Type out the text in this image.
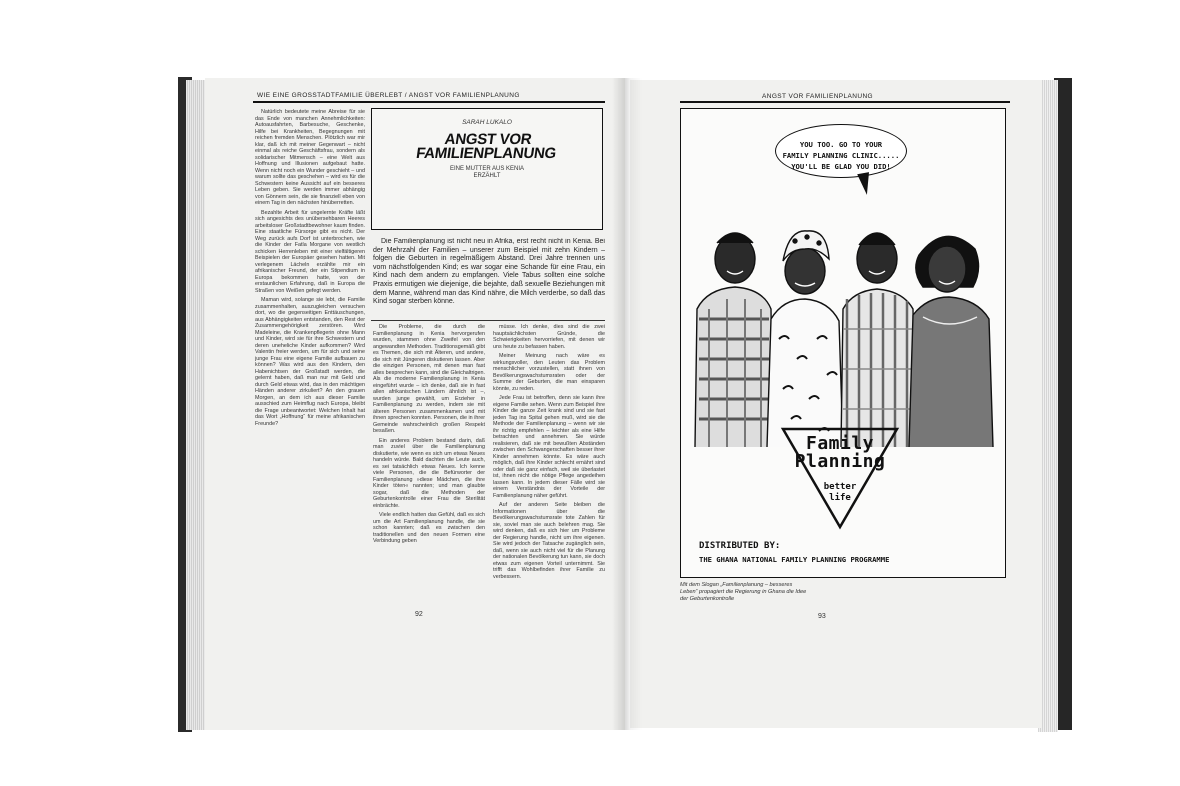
WIE EINE GROSSTADTFAMILIE ÜBERLEBT / ANGST VOR FAMILIENPLANUNG

Natürlich bedeutete meine Abreise für sie das Ende von manchen Annehmlichkeiten: Autoausfahrten, Barbesuche, Geschenke, Hilfe bei Krankheiten, Begegnungen mit reichen fremden Menschen. Plötzlich war mir klar, daß ich mit meiner Gegenwart – nicht einmal als reiche Geschäftsfrau, sondern als solidarischer Mitmensch – eine Welt aus Hoffnung und Illusionen aufgebaut hatte. Wenn nicht noch ein Wunder geschieht – und warum sollte das geschehen – wird es für die Schwestern keine Aussicht auf ein besseres Leben geben. Sie werden immer abhängig von Gönnern sein, die sie finanziell eben von einem Tag in den nächsten hinüberretten.

Bezahlte Arbeit für ungelernte Kräfte läßt sich angesichts des unübersehbaren Heeres arbeitsloser Großstadtbewohner kaum finden. Eine staatliche Fürsorge gibt es nicht. Der Weg zurück aufs Dorf ist unterbrochen, wie die Kinder der Fatla Morgane von westlich schicken Herrenleben mit einer vielfältigeren Beispielen der Europäer gesehen hatten. Mit verlegenem Lächeln erzählte mir ein afrikanischer Freund, der ein Stipendium in Europa bekommen hatte, von der erstaunlichen Erfahrung, daß in Europa die Straßen von Weißen gefegt werden.

Maman wird, solange sie lebt, die Familie zusammenhalten, auszugleichen versuchen dort, wo die gegenseitigen Enttäuschungen, aus Abhängigkeiten entstanden, den Rest der Zusammengehörigkeit zerstören. Wird Madeleine, die Krankenpflegerin ohne Mann und Kinder, wird sie für ihre Schwestern und deren uneheliche Kinder aufkommen? Wird Valentin freier werden, um für sich und seine junge Frau eine eigene Familie aufbauen zu können? Was wird aus den Kindern, den Habenichtsen der Großstadt werden, die gelernt haben, daß man nur mit Geld und durch Geld etwas wird, das in den mächtigen Händen anderer zirkuliert? An den grauen Morgen, an dem ich aus dieser Familie ausschied zum Heimflug nach Europa, bleibt die Frage unbeantwortet: Welchen Inhalt hat das Wort „Hoffnung“ für meine afrikanischen Freunde?

SARAH LUKALO
ANGST VOR
FAMILIENPLANUNG
EINE MUTTER AUS KENIA
ERZÄHLT

Die Familienplanung ist nicht neu in Afrika, erst recht nicht in Kenia. Bei der Mehrzahl der Familien – unserer zum Beispiel mit zehn Kindern – folgen die Geburten in regelmäßigem Abstand. Drei Jahre trennen uns vom nächstfolgenden Kind; es war sogar eine Schande für eine Frau, ein Kind nach dem andern zu empfangen. Viele Tabus sollten eine solche Praxis ermutigen wie diejenige, die bejahte, daß sexuelle Beziehungen mit dem Manne, während man das Kind nähre, die Milch verderbe, so daß das Kind sogar sterben könne.

Die Probleme, die durch die Familienplanung in Kenia hervorgerufen wurden, stammen ohne Zweifel von den angewandten Methoden. Traditionsgemäß gibt es Themen, die sich mit Älteren, und andere, die sich mit Jüngeren diskutieren lassen. Aber die einzigen Personen, mit denen man fast alles besprechen kann, sind die Gleichaltrigen. Als die moderne Familienplanung in Kenia eingeführt wurde – ich denke, daß sie in fast allen afrikanischen Ländern ähnlich ist –, wurden junge gewählt, um Erzieher in Familienplanung zu werden, indem sie mit älteren Personen zusammenkamen und mit ihnen sprechen konnten. Personen, die in ihrer Gemeinde wahrscheinlich großen Respekt besaßen.

Ein anderes Problem bestand darin, daß man zuviel über die Familienplanung diskutierte, wie wenn es sich um etwas Neues handeln würde. Bald dachten die Leute auch, es sei tatsächlich etwas Neues. Ich kenne viele Personen, die die Befürworter der Familienplanung »diese Mädchen, die ihre Kinder töten« nannten; und man glaubte sogar, daß die Methoden der Geburtenkontrolle einer Frau die Sterilität einbrächte.

Viele endlich hatten das Gefühl, daß es sich um die Art Familienplanung handle, die sie schon kannten; daß es zwischen den traditionellen und den neuen Formen eine Verbindung geben

müsse. Ich denke, dies sind die zwei hauptsächlichsten Gründe, die Schwierigkeiten hervorriefen, mit denen wir uns heute zu befassen haben.

Meiner Meinung nach wäre es wirkungsvoller, den Leuten das Problem menschlicher vorzustellen, statt ihnen von Bevölkerungswachstumsraten oder der Summe der Geburten, die man einsparen könnte, zu reden.

Jede Frau ist betroffen, denn sie kann ihre eigene Familie sehen. Wenn zum Beispiel ihre Kinder die ganze Zeit krank sind und sie fast jeden Tag ins Spital gehen muß, wird sie die Methode der Familienplanung – wenn wir sie ihr richtig empfehlen – leichter als eine Hilfe betrachten und annehmen. Sie würde realisieren, daß sie mit bewußten Abständen zwischen den Schwangerschaften besser ihrer Kinder annehmen könnte. Es wäre auch möglich, daß ihre Kinder schlecht ernährt sind oder daß sie ganz einfach, weil sie überlastet ist, ihnen nicht die nötige Pflege angedeihen lassen kann. In jedem dieser Fälle wird sie einem Verständnis der Vorteile der Familienplanung näher geführt.

Auf der anderen Seite bleiben die Informationen über die Bevölkerungswachstumsrate tote Zahlen für sie, soviel man sie auch belehren mag. Sie wird denken, daß es sich hier um Probleme der Regierung handle, nicht um ihre eigenen. Sie wird jedoch der Tatsache zugänglich sein, daß, wenn sie auch nicht viel für die Planung der nationalen Bevölkerung tun kann, sie doch etwas zum eigenen Vorteil unternimmt. Sie trifft das Wohlbefinden ihrer Familie zu verbessern.

92
ANGST VOR FAMILIENPLANUNG
YOU TOO. GO TO YOUR
FAMILY PLANNING CLINIC.....
YOU'LL BE GLAD YOU DID!
Family
Planning
better
life
DISTRIBUTED BY:
THE GHANA NATIONAL FAMILY PLANNING PROGRAMME
Mit dem Slogan „Familienplanung – besseres Leben“ propagiert die Regierung in Ghana die Idee der Geburtenkontrolle
93
